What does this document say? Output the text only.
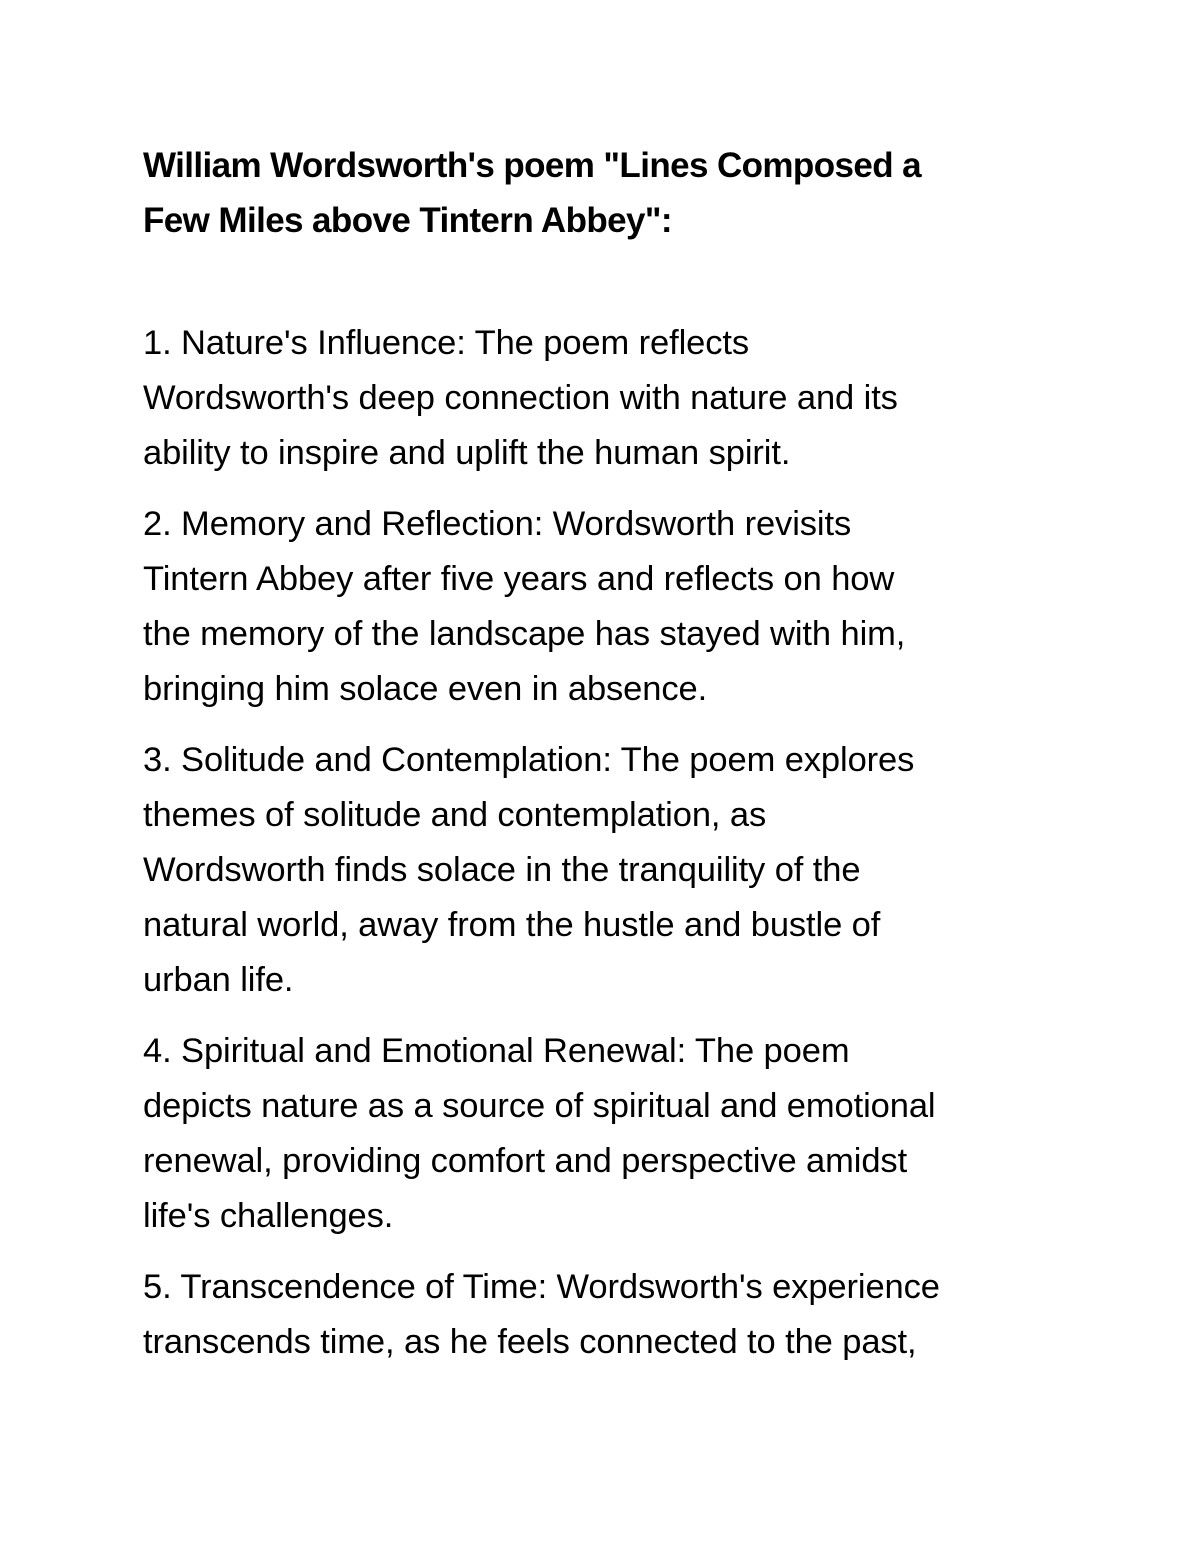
William Wordsworth's poem "Lines Composed a
Few Miles above Tintern Abbey":
1. Nature's Influence: The poem reflects
Wordsworth's deep connection with nature and its
ability to inspire and uplift the human spirit.
2. Memory and Reflection: Wordsworth revisits
Tintern Abbey after five years and reflects on how
the memory of the landscape has stayed with him,
bringing him solace even in absence.
3. Solitude and Contemplation: The poem explores
themes of solitude and contemplation, as
Wordsworth finds solace in the tranquility of the
natural world, away from the hustle and bustle of
urban life.
4. Spiritual and Emotional Renewal: The poem
depicts nature as a source of spiritual and emotional
renewal, providing comfort and perspective amidst
life's challenges.
5. Transcendence of Time: Wordsworth's experience
transcends time, as he feels connected to the past,
